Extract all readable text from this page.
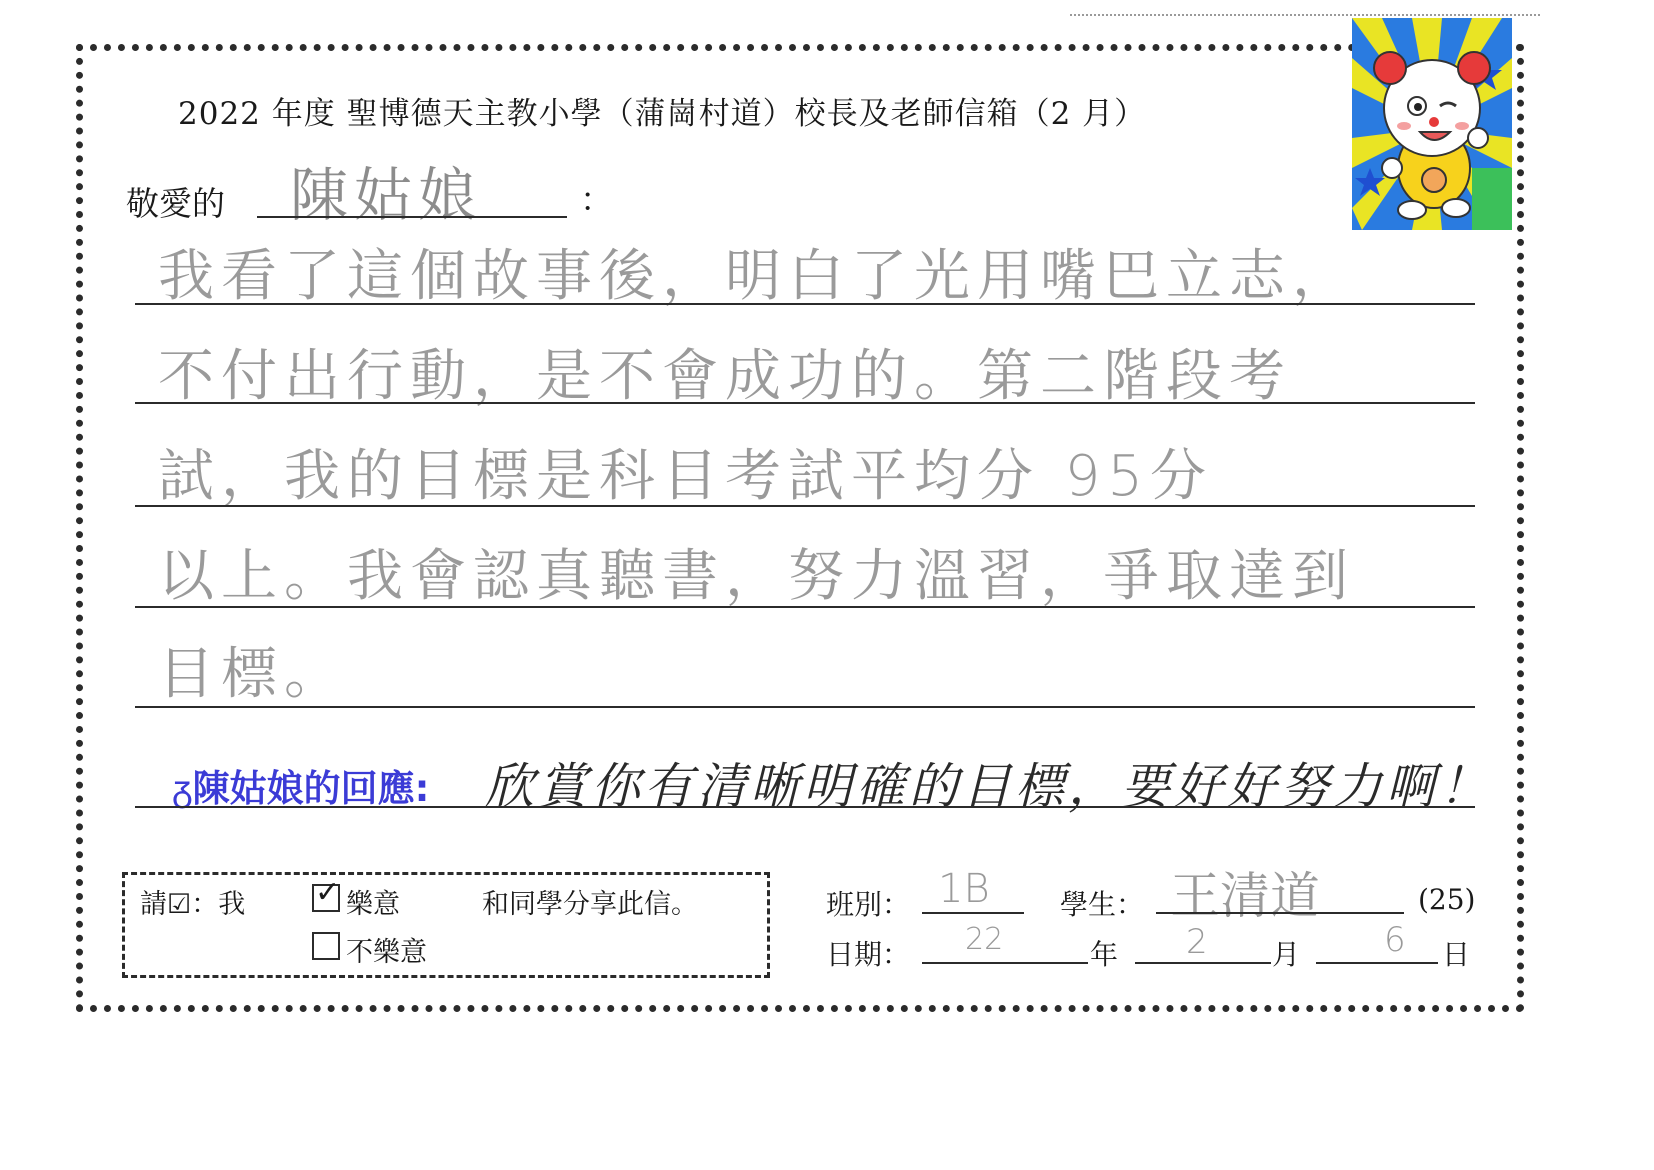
2022 年度 聖博德天主教小學（蒲崗村道）校長及老師信箱（2 月）
敬愛的 陳姑娘	：
我看了這個故事後，明白了光用嘴巴立志，
不付出行動，是不會成功的。第二階段考
試，我的目標是科目考試平均分 95分
以上。我會認真聽書，努力溫習，爭取達到
目標。
ᵹ陳姑娘的回應: 欣賞你有清晰明確的目標，要好好努力啊！
請☑：我 ✓ 樂意	和同學分享此信。
不樂意
班別： 1B	學生： 王清道	(25)
日期： 22	年 2 月 6 日
